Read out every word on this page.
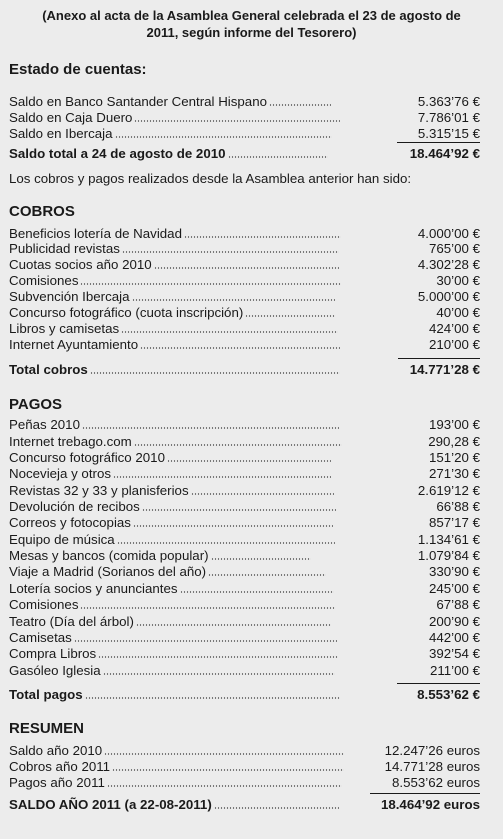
(Anexo al acta de la Asamblea General celebrada el 23 de agosto de
2011, según informe del Tesorero)
Estado de cuentas:
Saldo en Banco Santander Central Hispano	5.363’76 €
Saldo en Caja Duero	7.786’01 €
Saldo en Ibercaja	5.315’15 €
Saldo total a 24 de agosto de 2010	18.464’92 €
Los cobros y pagos realizados desde la Asamblea anterior han sido:
COBROS
Beneficios lotería de Navidad	4.000’00 €
Publicidad revistas	765’00 €
Cuotas socios año 2010	4.302’28 €
Comisiones	30’00 €
Subvención Ibercaja	5.000’00 €
Concurso fotográfico (cuota inscripción)	40’00 €
Libros y camisetas	424’00 €
Internet Ayuntamiento	210’00 €
Total cobros	14.771’28 €
PAGOS
Peñas 2010	193’00 €
Internet trebago.com	290,28 €
Concurso fotográfico 2010	151’20 €
Nocevieja y otros	271’30 €
Revistas 32 y 33 y planisferios	2.619’12 €
Devolución de recibos	66’88 €
Correos y fotocopias	857’17 €
Equipo de música	1.134’61 €
Mesas y bancos (comida popular)	1.079’84 €
Viaje a Madrid (Sorianos del año)	330’90 €
Lotería socios y anunciantes	245’00 €
Comisiones	67’88 €
Teatro (Día del árbol)	200’90 €
Camisetas	442’00 €
Compra Libros	392’54 €
Gasóleo Iglesia	211’00 €
Total pagos	8.553’62 €
RESUMEN
Saldo año 2010	12.247’26 euros
Cobros año 2011	14.771’28 euros
Pagos año 2011	8.553’62 euros
SALDO AÑO 2011 (a 22-08-2011)	18.464’92 euros
